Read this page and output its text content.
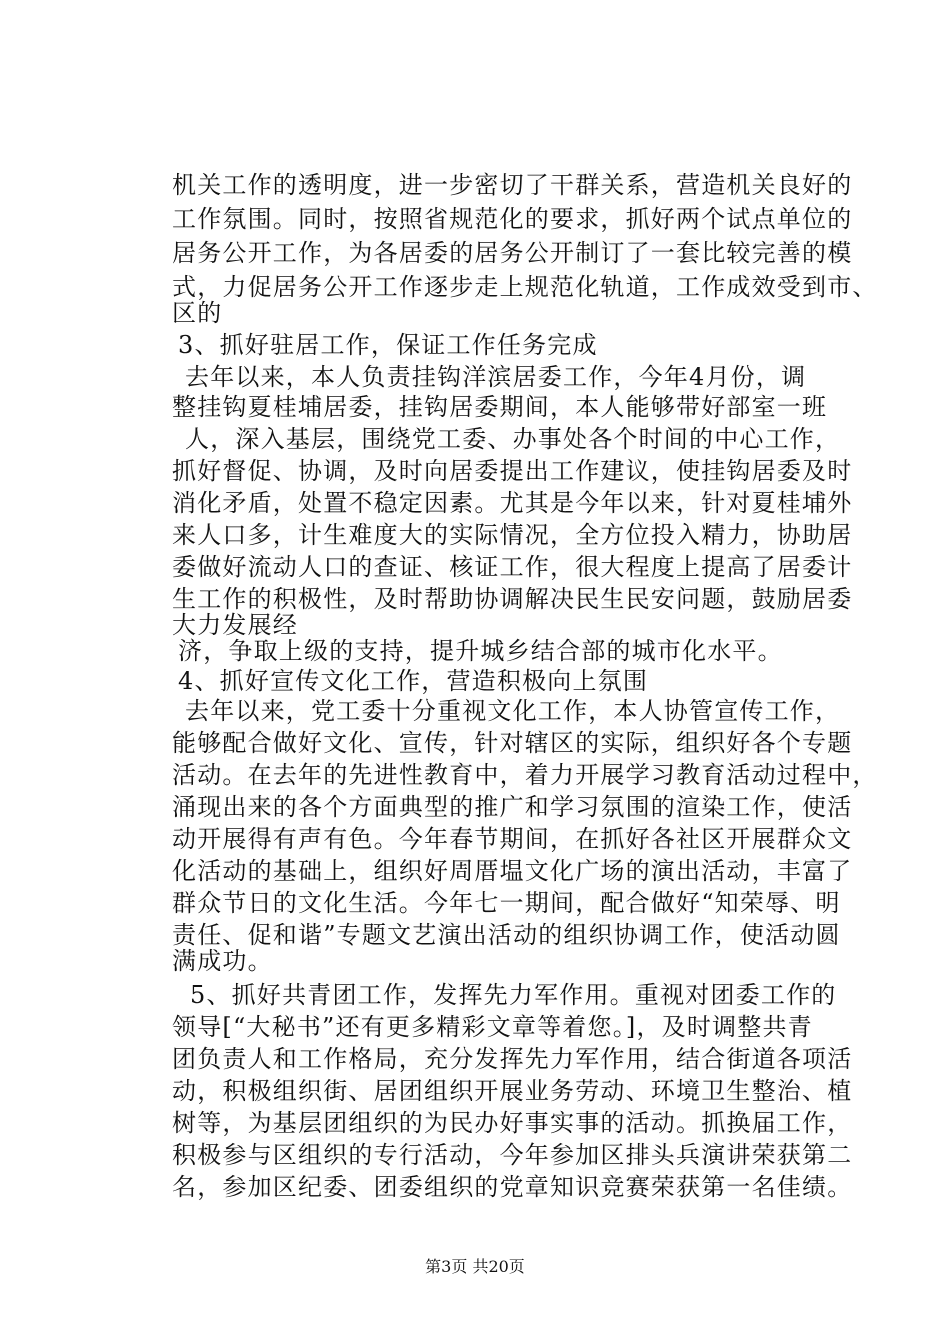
机关工作的透明度，进一步密切了干群关系，营造机关良好的
工作氛围。同时，按照省规范化的要求，抓好两个试点单位的
居务公开工作，为各居委的居务公开制订了一套比较完善的模
式，力促居务公开工作逐步走上规范化轨道，工作成效受到市、
区的
3、抓好驻居工作，保证工作任务完成
去年以来，本人负责挂钩洋滨居委工作，今年4月份，调
整挂钩夏桂埔居委，挂钩居委期间，本人能够带好部室一班
人，深入基层，围绕党工委、办事处各个时间的中心工作，
抓好督促、协调，及时向居委提出工作建议，使挂钩居委及时
消化矛盾，处置不稳定因素。尤其是今年以来，针对夏桂埔外
来人口多，计生难度大的实际情况，全方位投入精力，协助居
委做好流动人口的查证、核证工作，很大程度上提高了居委计
生工作的积极性，及时帮助协调解决民生民安问题，鼓励居委
大力发展经
济，争取上级的支持，提升城乡结合部的城市化水平。
4、抓好宣传文化工作，营造积极向上氛围
去年以来，党工委十分重视文化工作，本人协管宣传工作，
能够配合做好文化、宣传，针对辖区的实际，组织好各个专题
活动。在去年的先进性教育中，着力开展学习教育活动过程中，
涌现出来的各个方面典型的推广和学习氛围的渲染工作，使活
动开展得有声有色。今年春节期间，在抓好各社区开展群众文
化活动的基础上，组织好周厝塭文化广场的演出活动，丰富了
群众节日的文化生活。今年七一期间，配合做好“知荣辱、明
责任、促和谐”专题文艺演出活动的组织协调工作，使活动圆
满成功。
5、抓好共青团工作，发挥先力军作用。重视对团委工作的
领导[“大秘书”还有更多精彩文章等着您。]，及时调整共青
团负责人和工作格局，充分发挥先力军作用，结合街道各项活
动，积极组织街、居团组织开展业务劳动、环境卫生整治、植
树等，为基层团组织的为民办好事实事的活动。抓换届工作，
积极参与区组织的专行活动，今年参加区排头兵演讲荣获第二
名，参加区纪委、团委组织的党章知识竞赛荣获第一名佳绩。
第3页 共20页
